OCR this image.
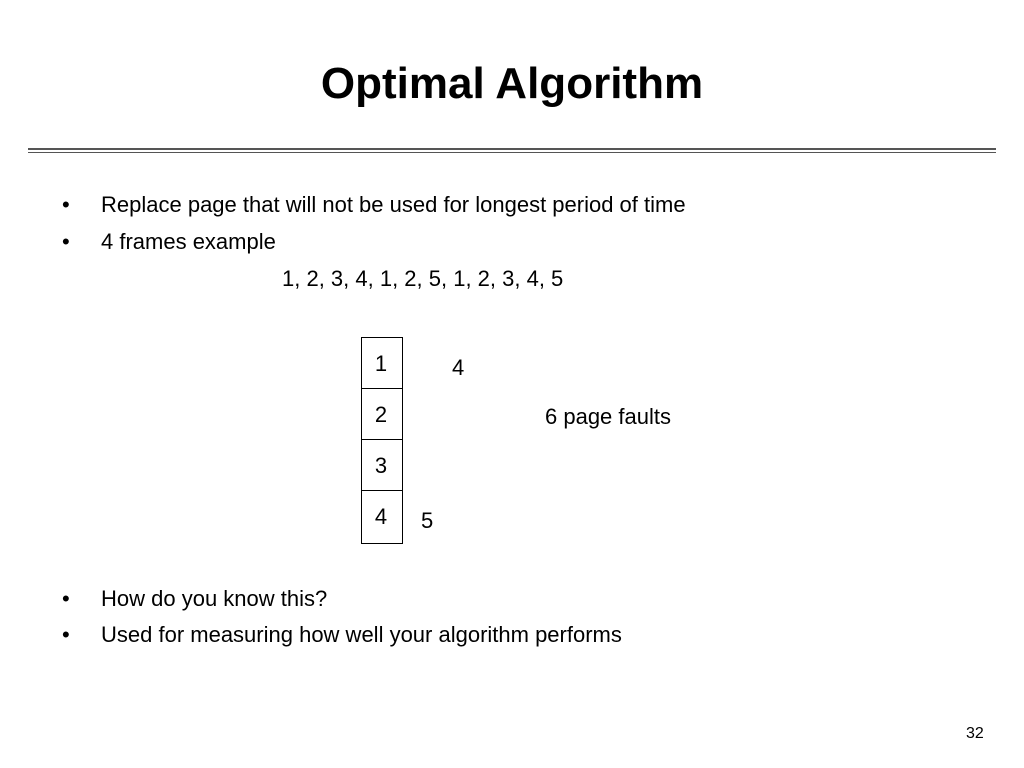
Optimal Algorithm
•	Replace page that will not be used for longest period of time
•	4 frames example
•	How do you know this?
•	Used for measuring how well your algorithm performs
1, 2, 3, 4, 1, 2, 5, 1, 2, 3, 4, 5
1
2
3
4
4
5
6 page faults
32
